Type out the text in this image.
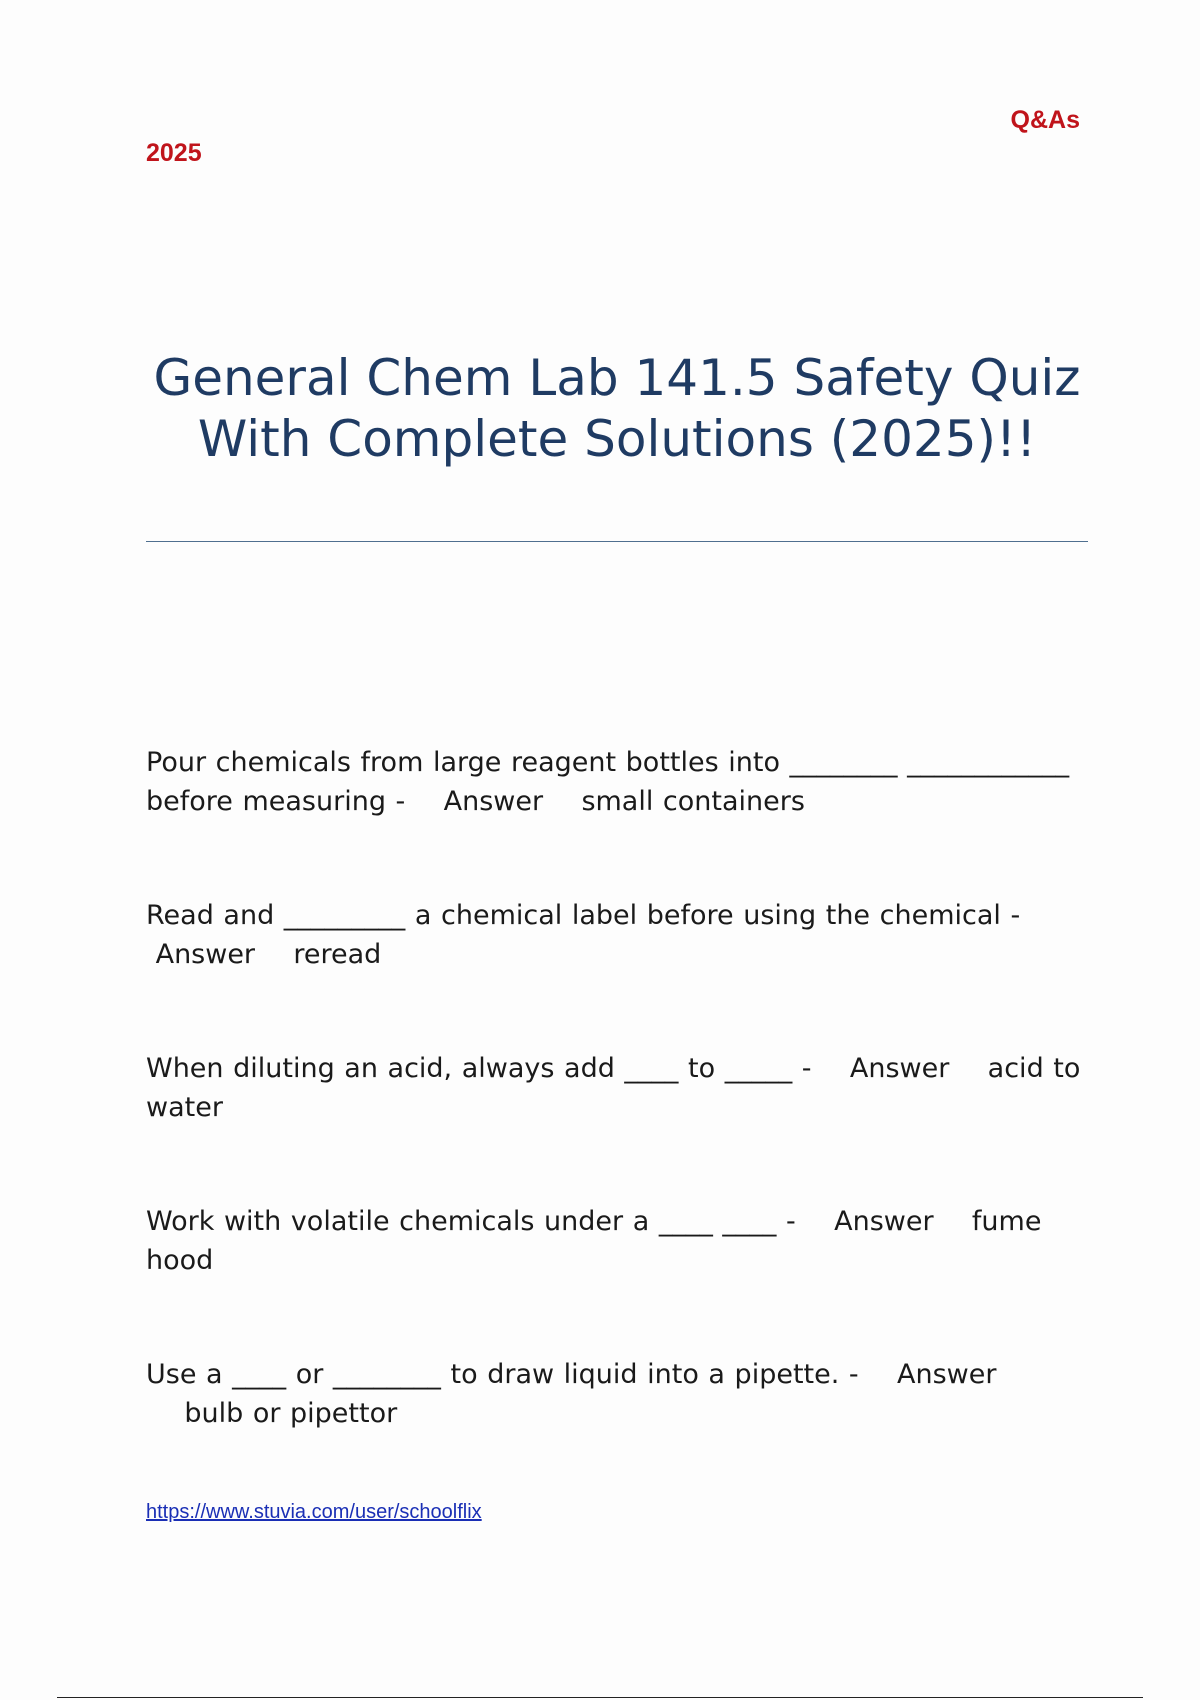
Q&As
2025
General Chem Lab 141.5 Safety Quiz With Complete Solutions (2025)!!

Pour chemicals from large reagent bottles into ________ ____________ before measuring - Answer small containers

Read and _________ a chemical label before using the chemical - Answer reread

When diluting an acid, always add ____ to _____ - Answer acid to water

Work with volatile chemicals under a ____ ____ - Answer fume hood

Use a ____ or ________ to draw liquid into a pipette. - Answer    bulb or pipettor

https://www.stuvia.com/user/schoolflix
